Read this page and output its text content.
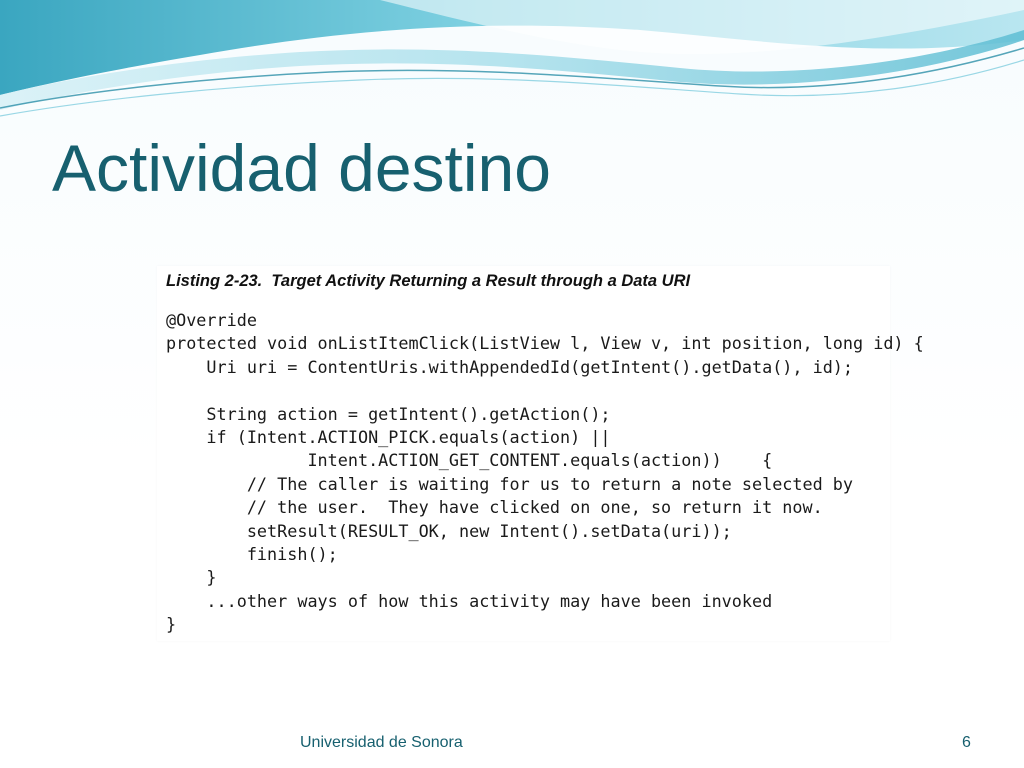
Actividad destino
Listing 2-23.  Target Activity Returning a Result through a Data URI
@Override
protected void onListItemClick(ListView l, View v, int position, long id) {
Uri uri = ContentUris.withAppendedId(getIntent().getData(), id);
String action = getIntent().getAction();
if (Intent.ACTION_PICK.equals(action) ||
Intent.ACTION_GET_CONTENT.equals(action))    {
// The caller is waiting for us to return a note selected by
// the user.  They have clicked on one, so return it now.
setResult(RESULT_OK, new Intent().setData(uri));
finish();
}
...other ways of how this activity may have been invoked
}
Universidad de Sonora	6
